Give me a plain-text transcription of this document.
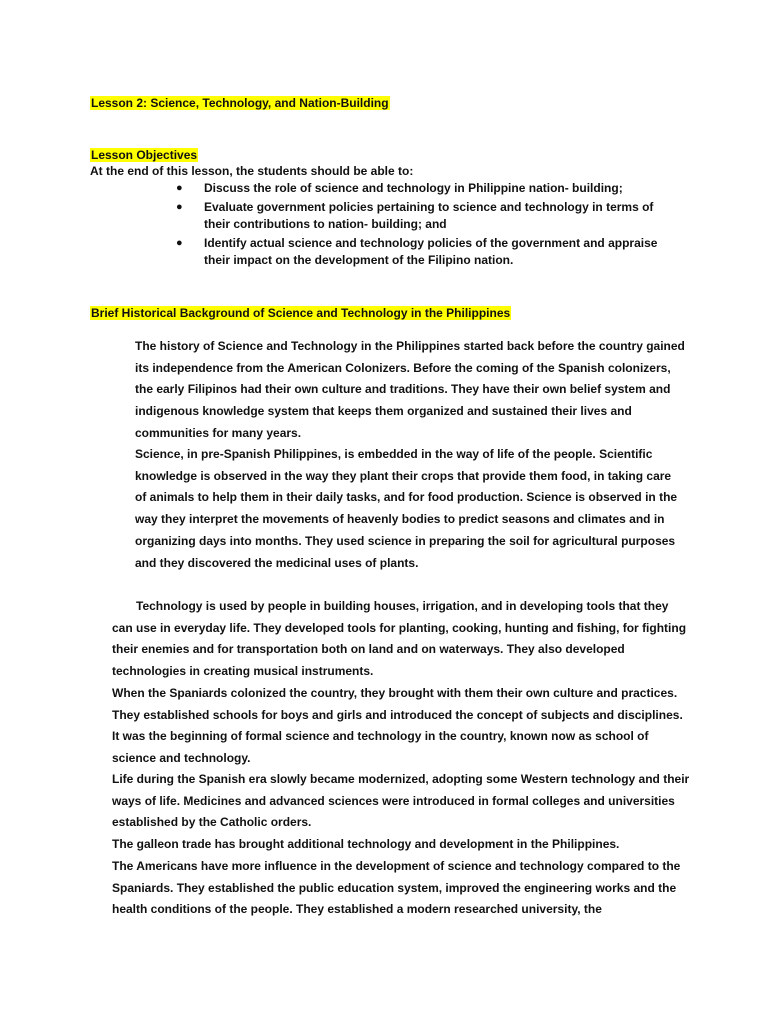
Lesson 2: Science, Technology, and Nation-Building
Lesson Objectives
At the end of this lesson, the students should be able to:
● Discuss the role of science and technology in Philippine nation- building;
● Evaluate government policies pertaining to science and technology in terms of their contributions to nation- building; and
● Identify actual science and technology policies of the government and appraise their impact on the development of the Filipino nation.
Brief Historical Background of Science and Technology in the Philippines

The history of Science and Technology in the Philippines started back before the country gained its independence from the American Colonizers. Before the coming of the Spanish colonizers, the early Filipinos had their own culture and traditions. They have their own belief system and indigenous knowledge system that keeps them organized and sustained their lives and communities for many years.

Science, in pre-Spanish Philippines, is embedded in the way of life of the people. Scientific knowledge is observed in the way they plant their crops that provide them food, in taking care of animals to help them in their daily tasks, and for food production. Science is observed in the way they interpret the movements of heavenly bodies to predict seasons and climates and in organizing days into months. They used science in preparing the soil for agricultural purposes and they discovered the medicinal uses of plants.

Technology is used by people in building houses, irrigation, and in developing tools that they can use in everyday life. They developed tools for planting, cooking, hunting and fishing, for fighting their enemies and for transportation both on land and on waterways. They also developed technologies in creating musical instruments.

When the Spaniards colonized the country, they brought with them their own culture and practices. They established schools for boys and girls and introduced the concept of subjects and disciplines. It was the beginning of formal science and technology in the country, known now as school of science and technology.

Life during the Spanish era slowly became modernized, adopting some Western technology and their ways of life. Medicines and advanced sciences were introduced in formal colleges and universities established by the Catholic orders.

The galleon trade has brought additional technology and development in the Philippines.

The Americans have more influence in the development of science and technology compared to the Spaniards. They established the public education system, improved the engineering works and the health conditions of the people. They established a modern researched university, the
